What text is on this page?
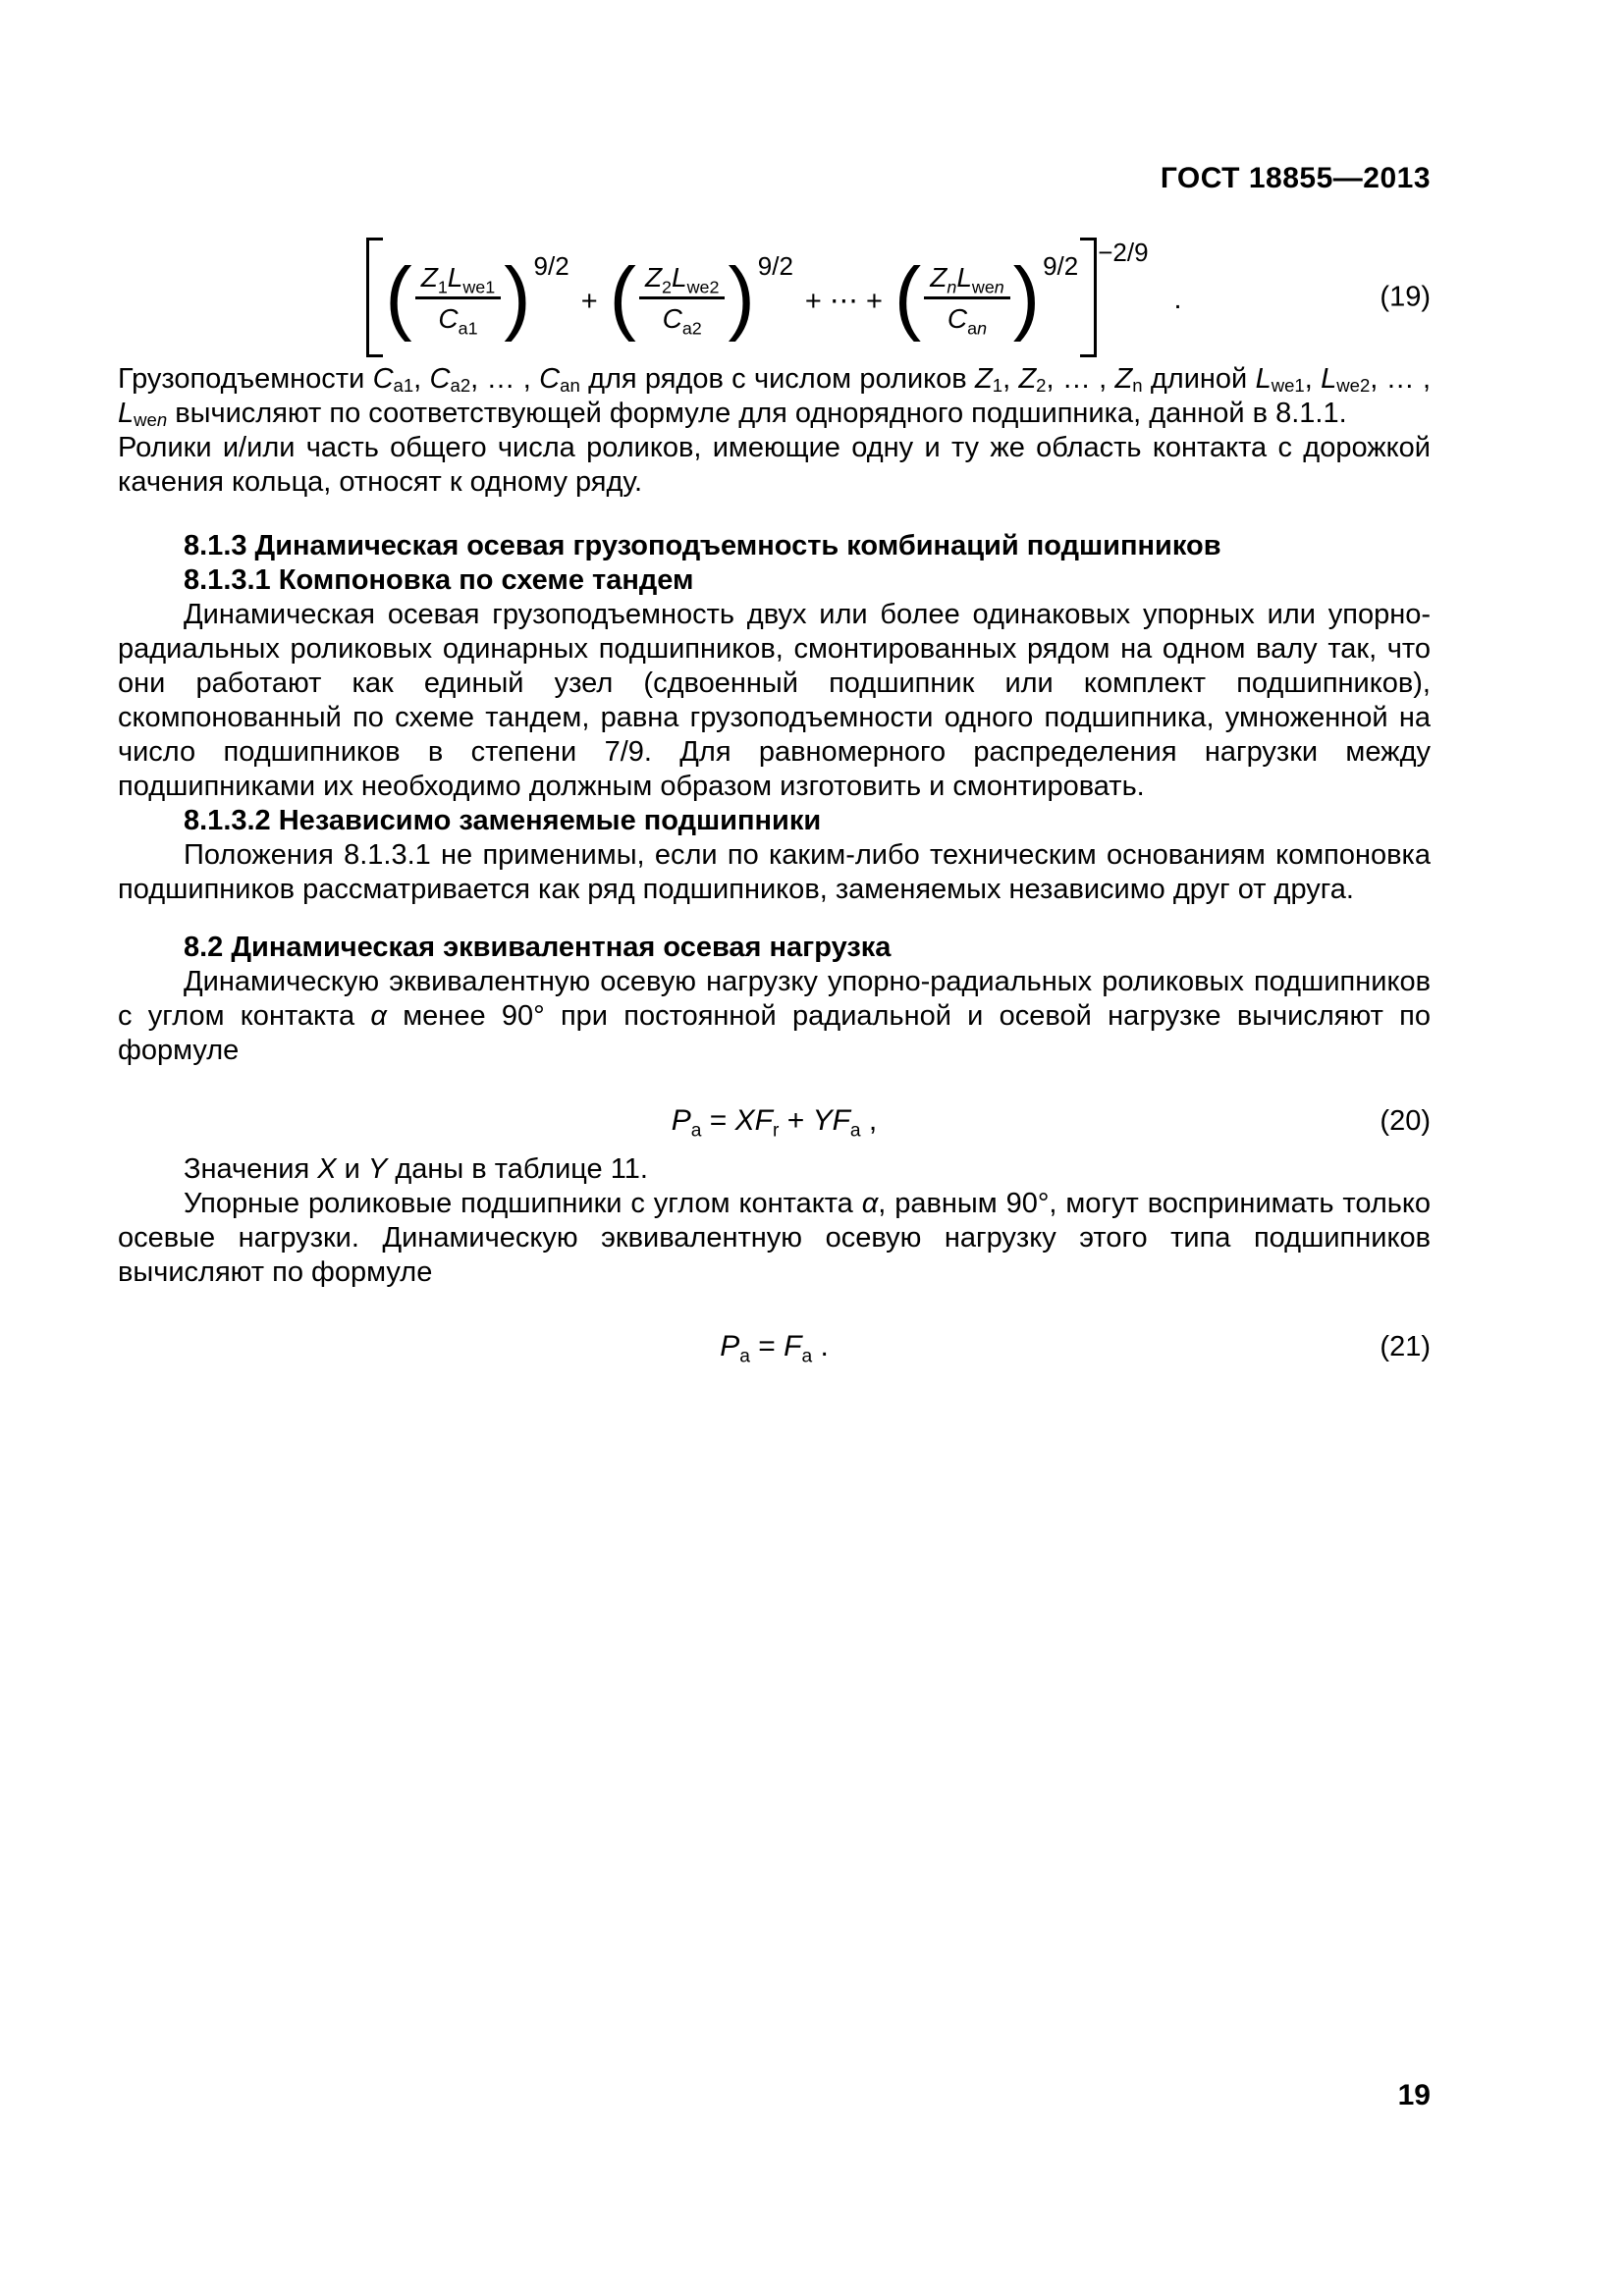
ГОСТ 18855—2013
( $\frac{Z_1L_{we1}}{C_{a1}}$ ) 9/2
+ ( $\frac{Z_2L_{we2}}{C_{a2}}$ ) 9/2
+ ⋯ + ( $\frac{Z_nL_{wen}}{C_{an}}$ ) 9/2 −2/9
.	(19)

Грузоподъемности Ca1, Ca2, … , Can для рядов с числом роликов Z1, Z2, … , Zn длиной Lwe1, Lwe2, … , Lwen вычисляют по соответствующей формуле для однорядного подшипника, данной в 8.1.1.

Ролики и/или часть общего числа роликов, имеющие одну и ту же область контакта с дорожкой качения кольца, относят к одному ряду.

8.1.3 Динамическая осевая грузоподъемность комбинаций подшипников

8.1.3.1 Компоновка по схеме тандем

Динамическая осевая грузоподъемность двух или более одинаковых упорных или упорно-радиальных роликовых одинарных подшипников, смонтированных рядом на одном валу так, что они работают как единый узел (сдвоенный подшипник или комплект подшипников), скомпонованный по схеме тандем, равна грузоподъемности одного подшипника, умноженной на число подшипников в степени 7/9. Для равномерного распределения нагрузки между подшипниками их необходимо должным образом изготовить и смонтировать.

8.1.3.2 Независимо заменяемые подшипники

Положения 8.1.3.1 не применимы, если по каким-либо техническим основаниям компоновка подшипников рассматривается как ряд подшипников, заменяемых независимо друг от друга.

8.2 Динамическая эквивалентная осевая нагрузка

Динамическую эквивалентную осевую нагрузку упорно-радиальных роликовых подшипников с углом контакта α менее 90° при постоянной радиальной и осевой нагрузке вычисляют по формуле

$P_a = XF_r + YF_a$ ,	(20)

Значения X и Y даны в таблице 11.

Упорные роликовые подшипники с углом контакта α, равным 90°, могут воспринимать только осевые нагрузки. Динамическую эквивалентную осевую нагрузку этого типа подшипников вычисляют по формуле

$P_a = F_a$ .	(21)
19
